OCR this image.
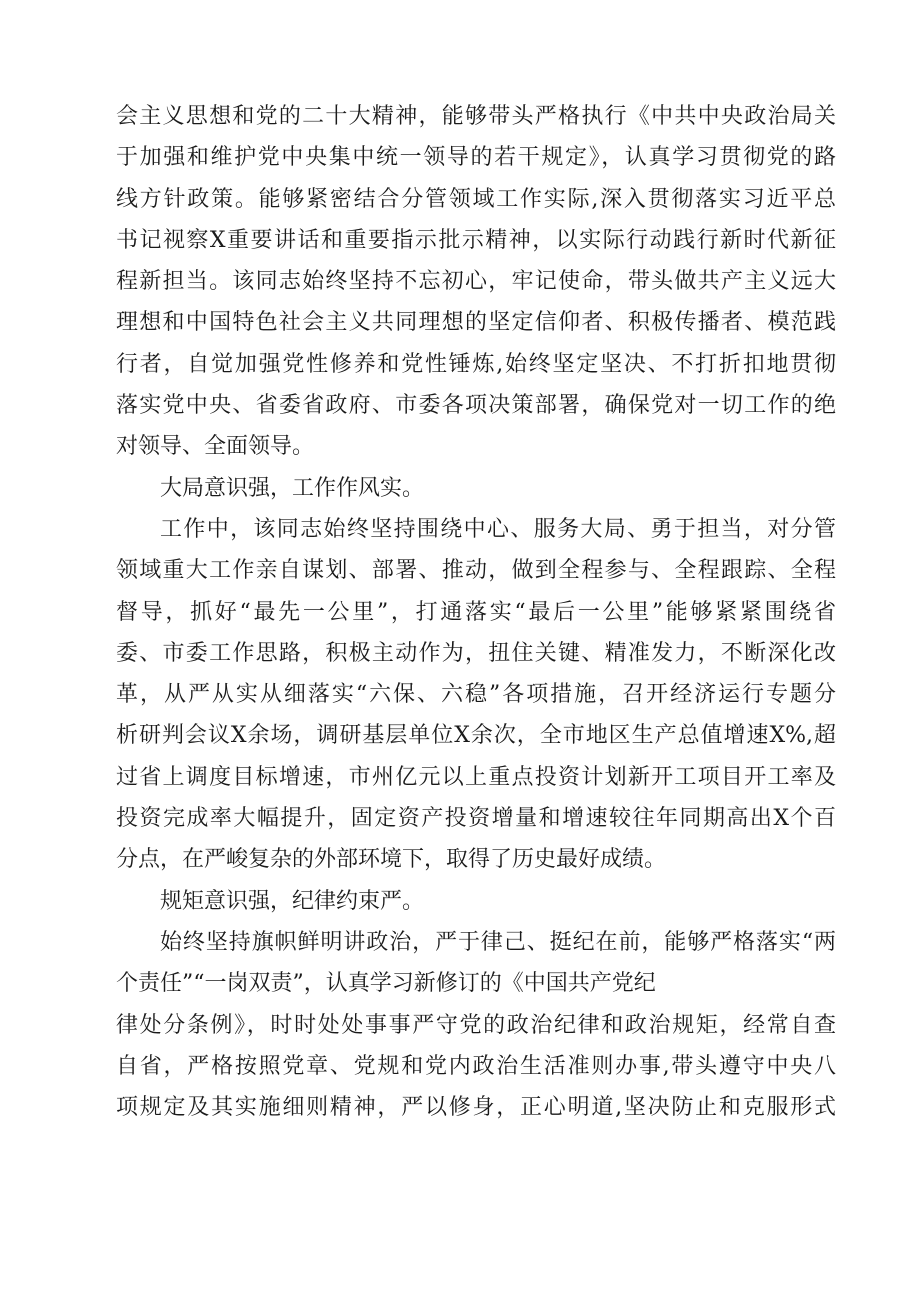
会主义思想和党的二十大精神，能够带头严格执行《中共中央政治局关
于加强和维护党中央集中统一领导的若干规定》，认真学习贯彻党的路
线方针政策。能够紧密结合分管领域工作实际,深入贯彻落实习近平总
书记视察X重要讲话和重要指示批示精神，以实际行动践行新时代新征
程新担当。该同志始终坚持不忘初心，牢记使命，带头做共产主义远大
理想和中国特色社会主义共同理想的坚定信仰者、积极传播者、模范践
行者，自觉加强党性修养和党性锤炼,始终坚定坚决、不打折扣地贯彻
落实党中央、省委省政府、市委各项决策部署，确保党对一切工作的绝
对领导、全面领导。
大局意识强，工作作风实。
工作中，该同志始终坚持围绕中心、服务大局、勇于担当，对分管
领域重大工作亲自谋划、部署、推动，做到全程参与、全程跟踪、全程
督导，抓好“最先一公里”，打通落实“最后一公里”能够紧紧围绕省
委、市委工作思路，积极主动作为，扭住关键、精准发力，不断深化改
革，从严从实从细落实“六保、六稳”各项措施，召开经济运行专题分
析研判会议X余场，调研基层单位X余次，全市地区生产总值增速X%,超
过省上调度目标增速，市州亿元以上重点投资计划新开工项目开工率及
投资完成率大幅提升，固定资产投资增量和增速较往年同期高出X个百
分点，在严峻复杂的外部环境下，取得了历史最好成绩。
规矩意识强，纪律约束严。
始终坚持旗帜鲜明讲政治，严于律己、挺纪在前，能够严格落实“两
个责任”“一岗双责”，认真学习新修订的《中国共产党纪
律处分条例》，时时处处事事严守党的政治纪律和政治规矩，经常自查
自省，严格按照党章、党规和党内政治生活准则办事,带头遵守中央八
项规定及其实施细则精神，严以修身，正心明道,坚决防止和克服形式
